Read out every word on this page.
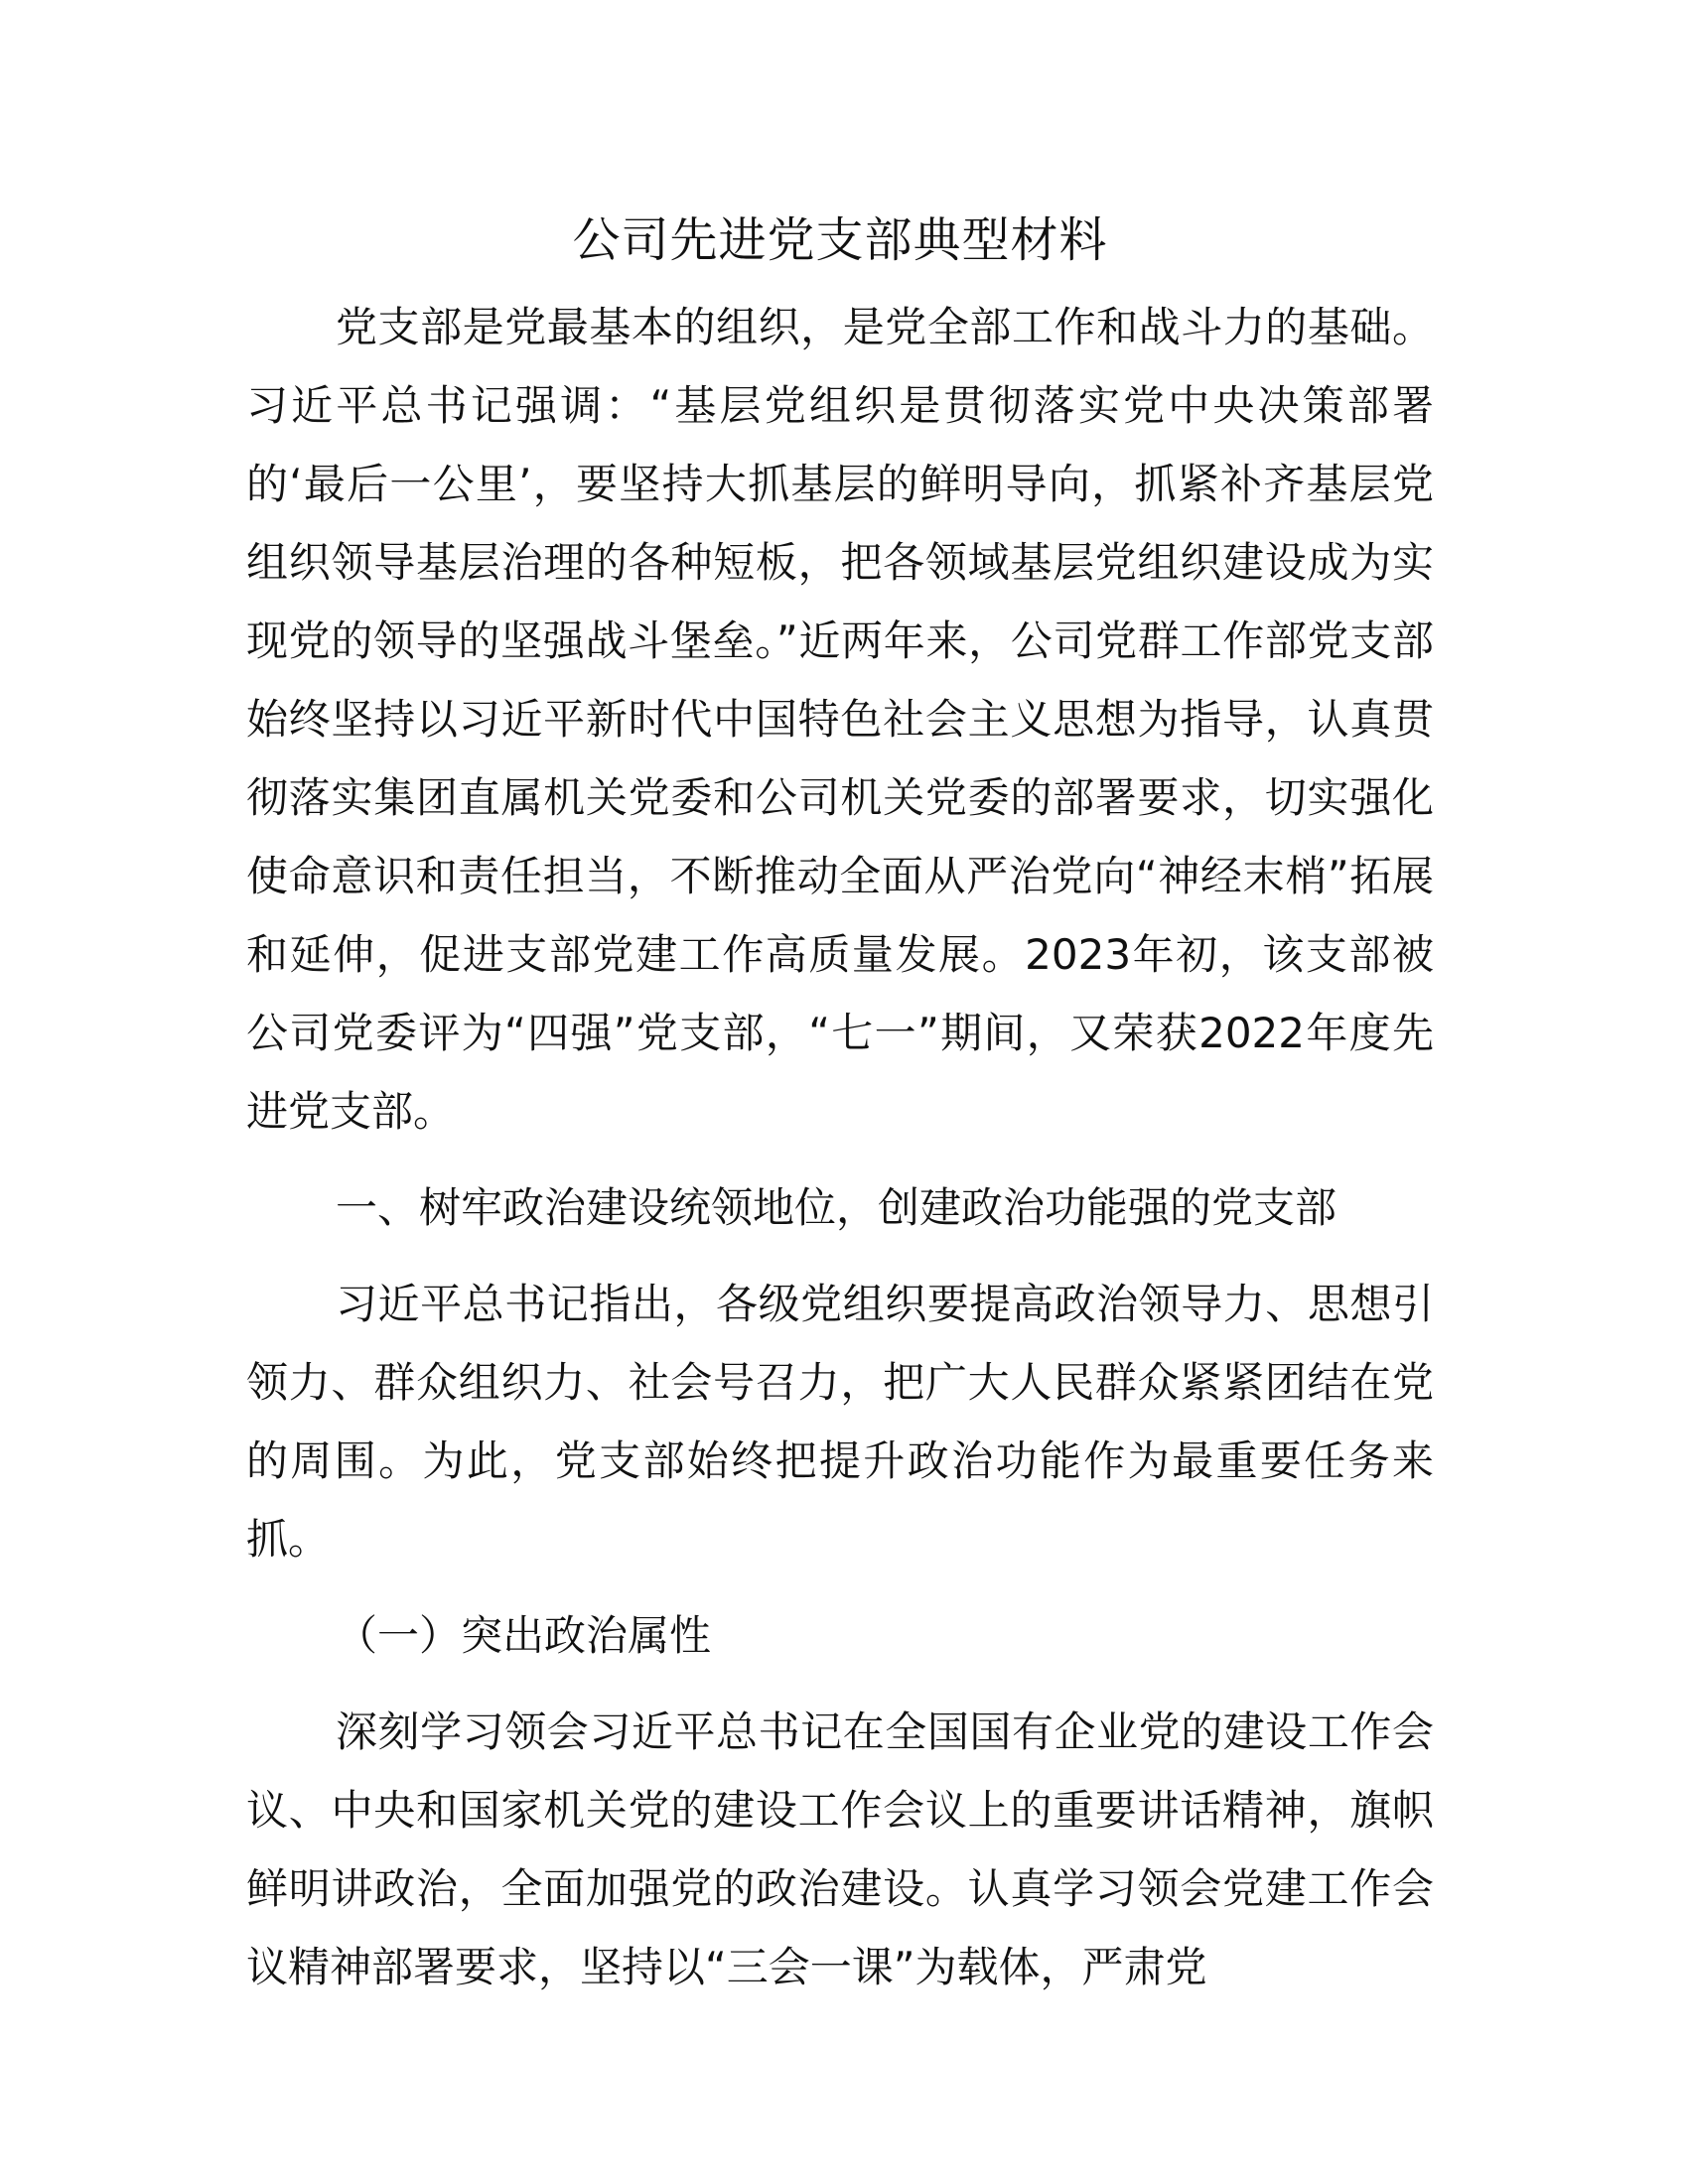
公司先进党支部典型材料

党支部是党最基本的组织，是党全部工作和战斗力的基础。习近平总书记强调：“基层党组织是贯彻落实党中央决策部署的‘最后一公里’，要坚持大抓基层的鲜明导向，抓紧补齐基层党组织领导基层治理的各种短板，把各领域基层党组织建设成为实现党的领导的坚强战斗堡垒。”近两年来，公司党群工作部党支部始终坚持以习近平新时代中国特色社会主义思想为指导，认真贯彻落实集团直属机关党委和公司机关党委的部署要求，切实强化使命意识和责任担当，不断推动全面从严治党向“神经末梢”拓展和延伸，促进支部党建工作高质量发展。2023年初，该支部被公司党委评为“四强”党支部，“七一”期间，又荣获2022年度先进党支部。

一、树牢政治建设统领地位，创建政治功能强的党支部

习近平总书记指出，各级党组织要提高政治领导力、思想引领力、群众组织力、社会号召力，把广大人民群众紧紧团结在党的周围。为此，党支部始终把提升政治功能作为最重要任务来抓。

（一）突出政治属性

深刻学习领会习近平总书记在全国国有企业党的建设工作会议、中央和国家机关党的建设工作会议上的重要讲话精神，旗帜鲜明讲政治，全面加强党的政治建设。认真学习领会党建工作会议精神部署要求，坚持以“三会一课”为载体，严肃党
